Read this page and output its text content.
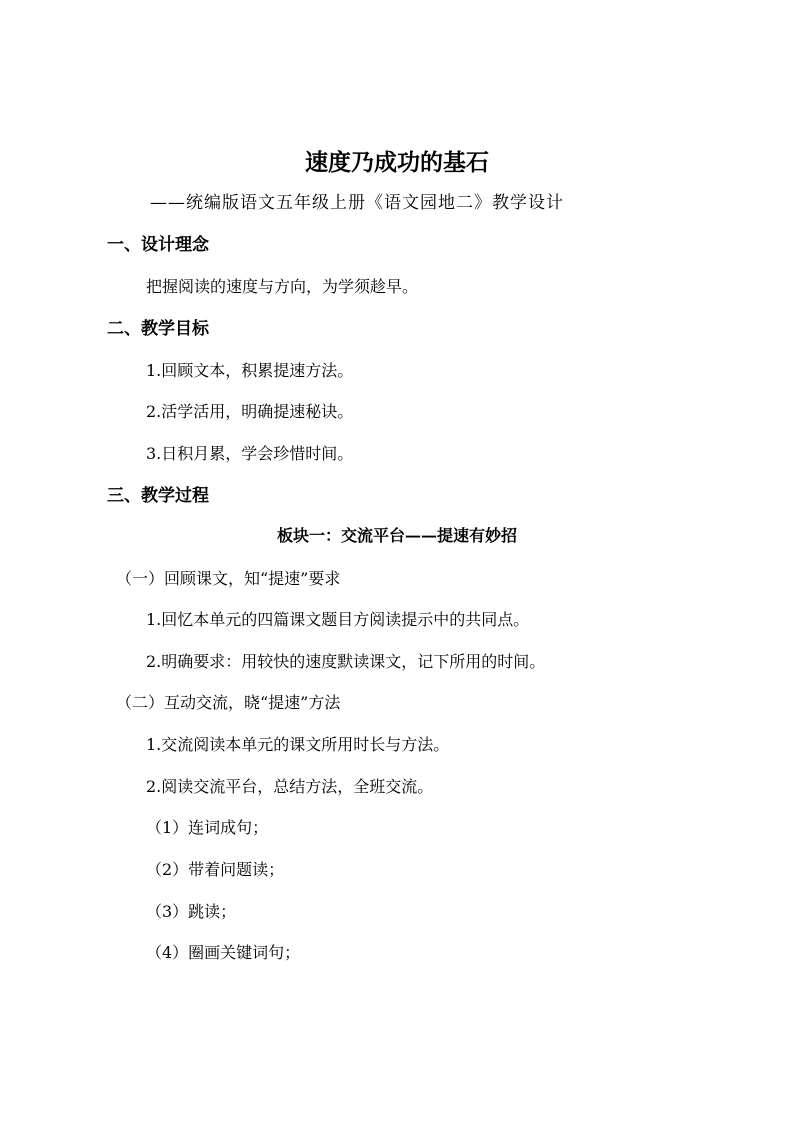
速度乃成功的基石
——统编版语文五年级上册《语文园地二》教学设计
一、设计理念
把握阅读的速度与方向，为学须趁早。
二、教学目标
1.回顾文本，积累提速方法。
2.活学活用，明确提速秘诀。
3.日积月累，学会珍惜时间。
三、教学过程
板块一：交流平台——提速有妙招
（一）回顾课文，知“提速”要求
1.回忆本单元的四篇课文题目方阅读提示中的共同点。
2.明确要求：用较快的速度默读课文，记下所用的时间。
（二）互动交流，晓“提速”方法
1.交流阅读本单元的课文所用时长与方法。
2.阅读交流平台，总结方法，全班交流。
（1）连词成句；
（2）带着问题读；
（3）跳读；
（4）圈画关键词句；
